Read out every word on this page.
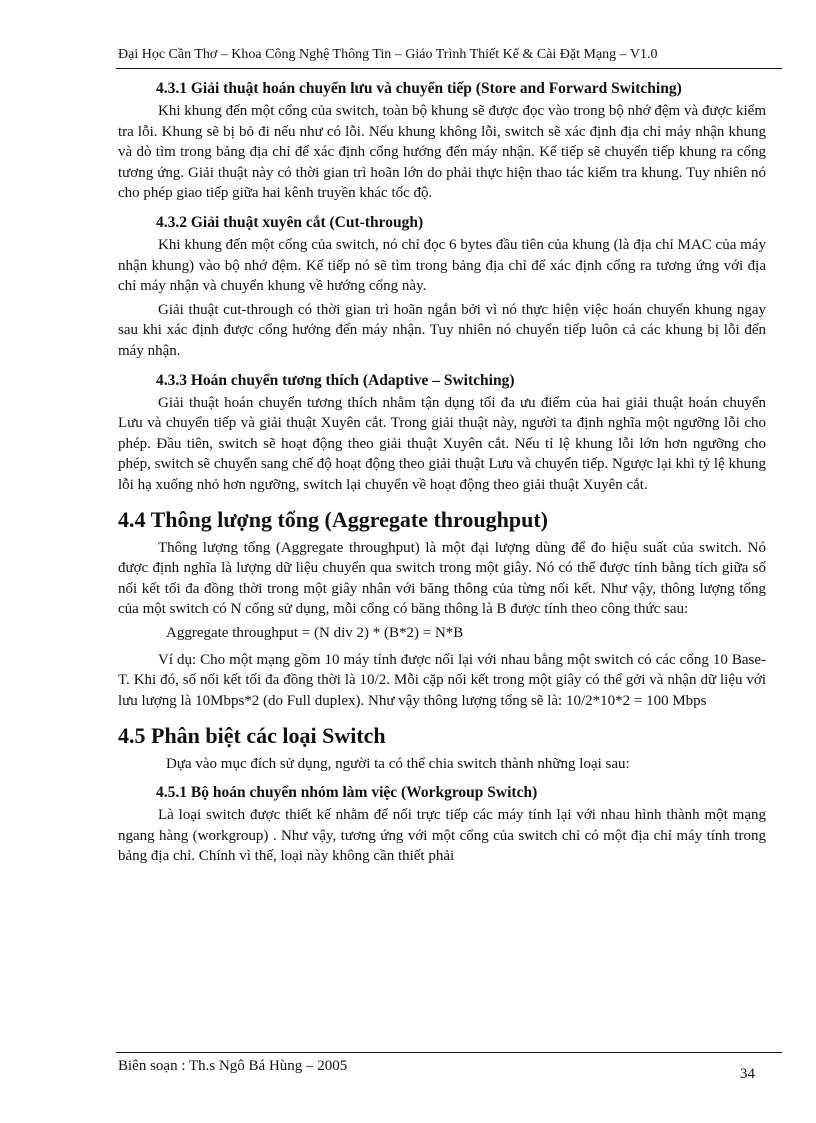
Đại Học Cần Thơ – Khoa Công Nghệ Thông Tin – Giáo Trình Thiết Kế & Cài Đặt Mạng – V1.0
4.3.1 Giải thuật hoán chuyển lưu và chuyển tiếp (Store and Forward Switching)

Khi khung đến một cổng của switch, toàn bộ khung sẽ được đọc vào trong bộ nhớ đệm và được kiểm tra lỗi. Khung sẽ bị bỏ đi nếu như có lỗi. Nếu khung không lỗi, switch sẽ xác định địa chỉ máy nhận khung và dò tìm trong bảng địa chỉ để xác định cổng hướng đến máy nhận. Kế tiếp sẽ chuyển tiếp khung ra cổng tương ứng. Giải thuật này có thời gian trì hoãn lớn do phải thực hiện thao tác kiểm tra khung. Tuy nhiên nó cho phép giao tiếp giữa hai kênh truyền khác tốc độ.

4.3.2 Giải thuật xuyên cắt (Cut-through)

Khi khung đến một cổng của switch, nó chỉ đọc 6 bytes đầu tiên của khung (là địa chỉ MAC của máy nhận khung) vào bộ nhớ đệm. Kế tiếp nó sẽ tìm trong bảng địa chỉ để xác định cổng ra tương ứng với địa chỉ máy nhận và chuyển khung về hướng cổng này.

Giải thuật cut-through có thời gian trì hoãn ngắn bởi vì nó thực hiện việc hoán chuyển khung ngay sau khi xác định được cổng hướng đến máy nhận. Tuy nhiên nó chuyển tiếp luôn cả các khung bị lỗi đến máy nhận.

4.3.3 Hoán chuyển tương thích (Adaptive – Switching)

Giải thuật hoán chuyển tương thích nhằm tận dụng tối đa ưu điểm của hai giải thuật hoán chuyển Lưu và chuyển tiếp và giải thuật Xuyên cắt. Trong giải thuật này, người ta định nghĩa một ngưỡng lỗi cho phép. Đầu tiên, switch sẽ hoạt động theo giải thuật Xuyên cắt. Nếu tỉ lệ khung lỗi lớn hơn ngưỡng cho phép, switch sẽ chuyển sang chế độ hoạt động theo giải thuật Lưu và chuyển tiếp. Ngược lại khi tỷ lệ khung lỗi hạ xuống nhỏ hơn ngưỡng, switch lại chuyển về hoạt động theo giải thuật Xuyên cắt.

4.4 Thông lượng tổng (Aggregate throughput)

Thông lượng tổng (Aggregate throughput) là một đại lượng dùng để đo hiệu suất của switch. Nó được định nghĩa là lượng dữ liệu chuyển qua switch trong một giây. Nó có thể được tính bằng tích giữa số nối kết tối đa đồng thời trong một giây nhân với băng thông của từng nối kết. Như vậy, thông lượng tổng của một switch có N cổng sử dụng, mỗi cổng có băng thông là B được tính theo công thức sau:

Aggregate throughput = (N div 2) * (B*2) = N*B

Ví dụ: Cho một mạng gồm 10 máy tính được nối lại với nhau bằng một switch có các cổng 10 Base-T. Khi đó, số nối kết tối đa đồng thời là 10/2. Mỗi cặp nối kết trong một giây có thể gởi và nhận dữ liệu với lưu lượng là 10Mbps*2 (do Full duplex). Như vậy thông lượng tổng sẽ là: 10/2*10*2 = 100 Mbps

4.5 Phân biệt các loại Switch

Dựa vào mục đích sử dụng, người ta có thể chia switch thành những loại sau:

4.5.1 Bộ hoán chuyển nhóm làm việc (Workgroup Switch)

Là loại switch được thiết kế nhằm để nối trực tiếp các máy tính lại với nhau hình thành một mạng ngang hàng (workgroup) . Như vậy, tương ứng với một cổng của switch chỉ có một địa chỉ máy tính trong bảng địa chỉ. Chính vì thế, loại này không cần thiết phải

Biên soạn : Th.s Ngô Bá Hùng – 2005	34
